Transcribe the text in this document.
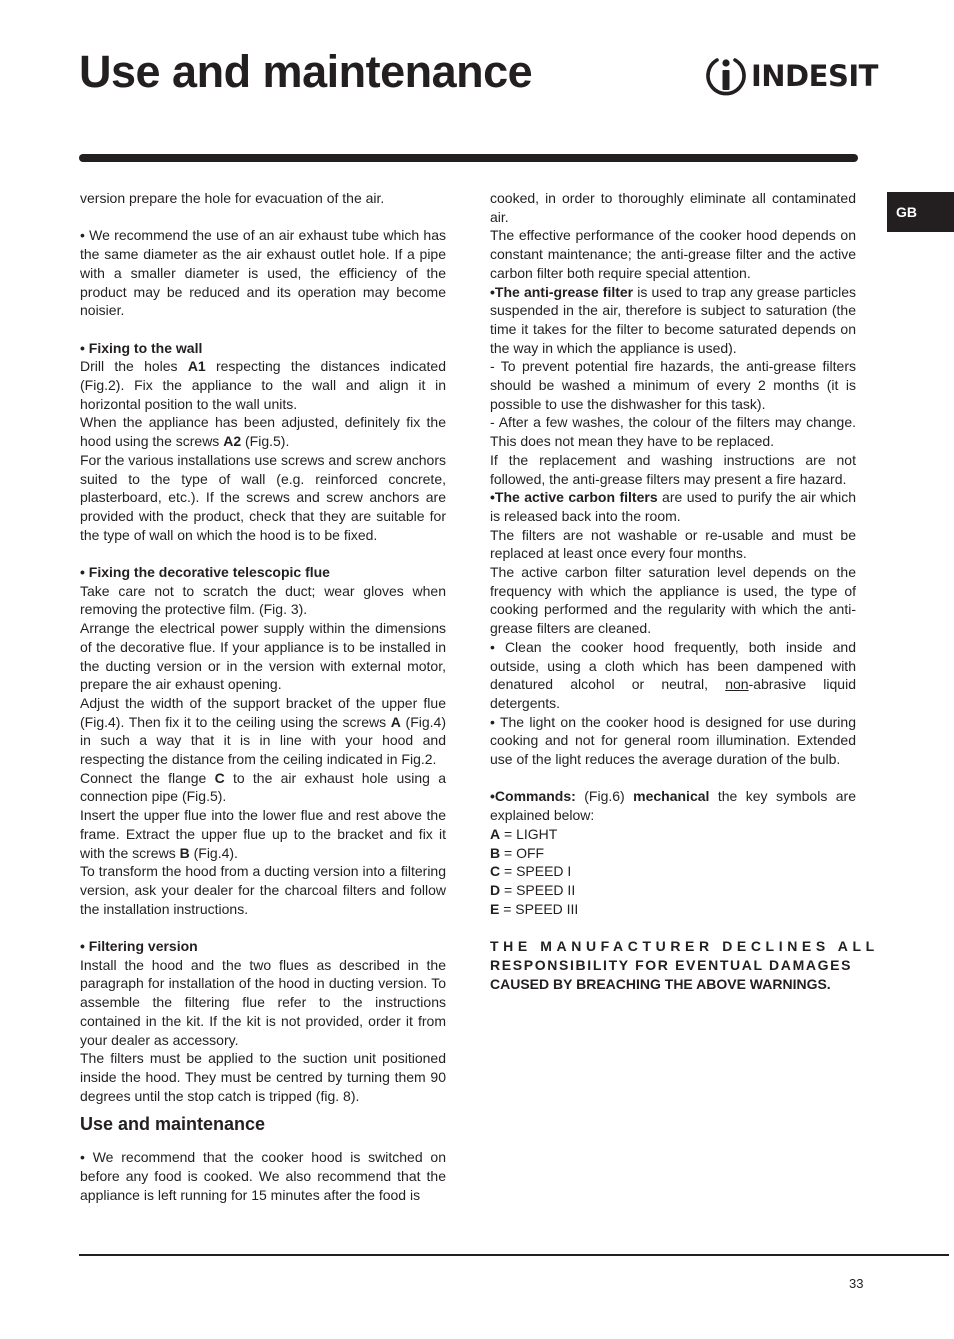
Use and maintenance	INDESIT
GB

version prepare the hole for evacuation of the air.

• We recommend the use of an air exhaust tube which has the same diameter as the air exhaust outlet hole. If a pipe with a smaller diameter is used, the efficiency of the product may be reduced and its operation may become noisier.

• Fixing to the wall

Drill the holes A1 respecting the distances indicated (Fig.2). Fix the appliance to the wall and align it in horizontal position to the wall units.

When the appliance has been adjusted, definitely fix the hood using the screws A2 (Fig.5).

For the various installations use screws and screw anchors suited to the type of wall (e.g. reinforced concrete, plasterboard, etc.). If the screws and screw anchors are provided with the product, check that they are suitable for the type of wall on which the hood is to be fixed.

• Fixing the decorative telescopic flue

Take care not to scratch the duct; wear gloves when removing the protective film. (Fig. 3).

Arrange the electrical power supply within the dimensions of the decorative flue. If your appliance is to be installed in the ducting version or in the version with external motor, prepare the air exhaust opening.

Adjust the width of the support bracket of the upper flue (Fig.4). Then fix it to the ceiling using the screws A (Fig.4) in such a way that it is in line with your hood and respecting the distance from the ceiling indicated in Fig.2.

Connect the flange C to the air exhaust hole using a connection pipe (Fig.5).

Insert the upper flue into the lower flue and rest above the frame. Extract the upper flue up to the bracket and fix it with the screws B (Fig.4).

To transform the hood from a ducting version into a filtering version, ask your dealer for the charcoal filters and follow the installation instructions.

• Filtering version

Install the hood and the two flues as described in the paragraph for installation of the hood in ducting version. To assemble the filtering flue refer to the instructions contained in the kit. If the kit is not provided, order it from your dealer as accessory.

The filters must be applied to the suction unit positioned inside the hood. They must be centred by turning them 90 degrees until the stop catch is tripped (fig. 8).

Use and maintenance

• We recommend that the cooker hood is switched on before any food is cooked. We also recommend that the appliance is left running for 15 minutes after the food is

cooked, in order to thoroughly eliminate all contaminated air.

The effective performance of the cooker hood depends on constant maintenance; the anti-grease filter and the active carbon filter both require special attention.

•The anti-grease filter is used to trap any grease particles suspended in the air, therefore is subject to saturation (the time it takes for the filter to become saturated depends on the way in which the appliance is used).

- To prevent potential fire hazards, the anti-grease filters should be washed a minimum of every 2 months (it is possible to use the dishwasher for this task).

- After a few washes, the colour of the filters may change. This does not mean they have to be replaced.

If the replacement and washing instructions are not followed, the anti-grease filters may present a fire hazard.

•The active carbon filters are used to purify the air which is released back into the room.

The filters are not washable or re-usable and must be replaced at least once every four months.

The active carbon filter saturation level depends on the frequency with which the appliance is used, the type of cooking performed and the regularity with which the anti-grease filters are cleaned.

• Clean the cooker hood frequently, both inside and outside, using a cloth which has been dampened with denatured alcohol or neutral, non-abrasive liquid detergents.

• The light on the cooker hood is designed for use during cooking and not for general room illumination. Extended use of the light reduces the average duration of the bulb.

•Commands: (Fig.6) mechanical the key symbols are explained below:

A = LIGHT

B = OFF

C = SPEED I

D = SPEED II

E = SPEED III

THE MANUFACTURER DECLINES ALL

RESPONSIBILITY FOR EVENTUAL DAMAGES

CAUSED BY BREACHING THE ABOVE WARNINGS.

33
